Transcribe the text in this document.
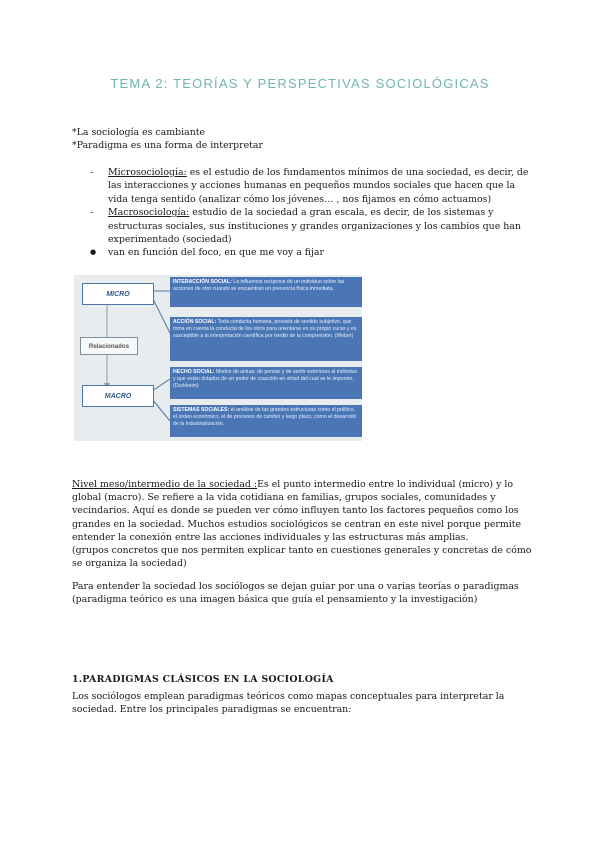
TEMA 2: TEORÍAS Y PERSPECTIVAS SOCIOLÓGICAS
*La sociología es cambiante
*Paradigma es una forma de interpretar
- Microsociología: es el estudio de los fundamentos mínimos de una sociedad, es decir, de las interacciones y acciones humanas en pequeños mundos sociales que hacen que la vida tenga sentido (analizar cómo los jóvenes… , nos fijamos en cómo actuamos)
- Macrosociología: estudio de la sociedad a gran escala, es decir, de los sistemas y estructuras sociales, sus instituciones y grandes organizaciones y los cambios que han experimentado (sociedad)
● van en función del foco, en que me voy a fijar
MICRO
Relacionados
MACRO
INTERACCIÓN SOCIAL: La influencia recíproca de un individuo sobre las acciones de otro cuando se encuentran en presencia física inmediata.
ACCIÓN SOCIAL: Toda conducta humana, provista de sentido subjetivo, que toma en cuenta la conducta de los otros para orientarse en su propio curso y es susceptible a la interpretación científica por medio de la comprensión. (Weber)
HECHO SOCIAL: Modos de actuar, de pensar y de sentir exteriores al individuo y que están dotados de un poder de coacción en virtud del cual se le imponen. (Durkheim)
SISTEMAS SOCIALES: el análisis de las grandes estructuras como el político, el orden económico, el de procesos de cambio y largo plazo, como el desarrollo de la industrialización.
Nivel meso/intermedio de la sociedad :Es el punto intermedio entre lo individual (micro) y lo global (macro). Se refiere a la vida cotidiana en familias, grupos sociales, comunidades y vecindarios. Aquí es donde se pueden ver cómo influyen tanto los factores pequeños como los grandes en la sociedad. Muchos estudios sociológicos se centran en este nivel porque permite entender la conexión entre las acciones individuales y las estructuras más amplias.
(grupos concretos que nos permiten explicar tanto en cuestiones generales y concretas de cómo se organiza la sociedad)
Para entender la sociedad los sociólogos se dejan guiar por una o varias teorías o paradigmas
(paradigma teórico es una imagen básica que guía el pensamiento y la investigación)
1.PARADIGMAS CLÁSICOS EN LA SOCIOLOGÍA
Los sociólogos emplean paradigmas teóricos como mapas conceptuales para interpretar la sociedad. Entre los principales paradigmas se encuentran:
